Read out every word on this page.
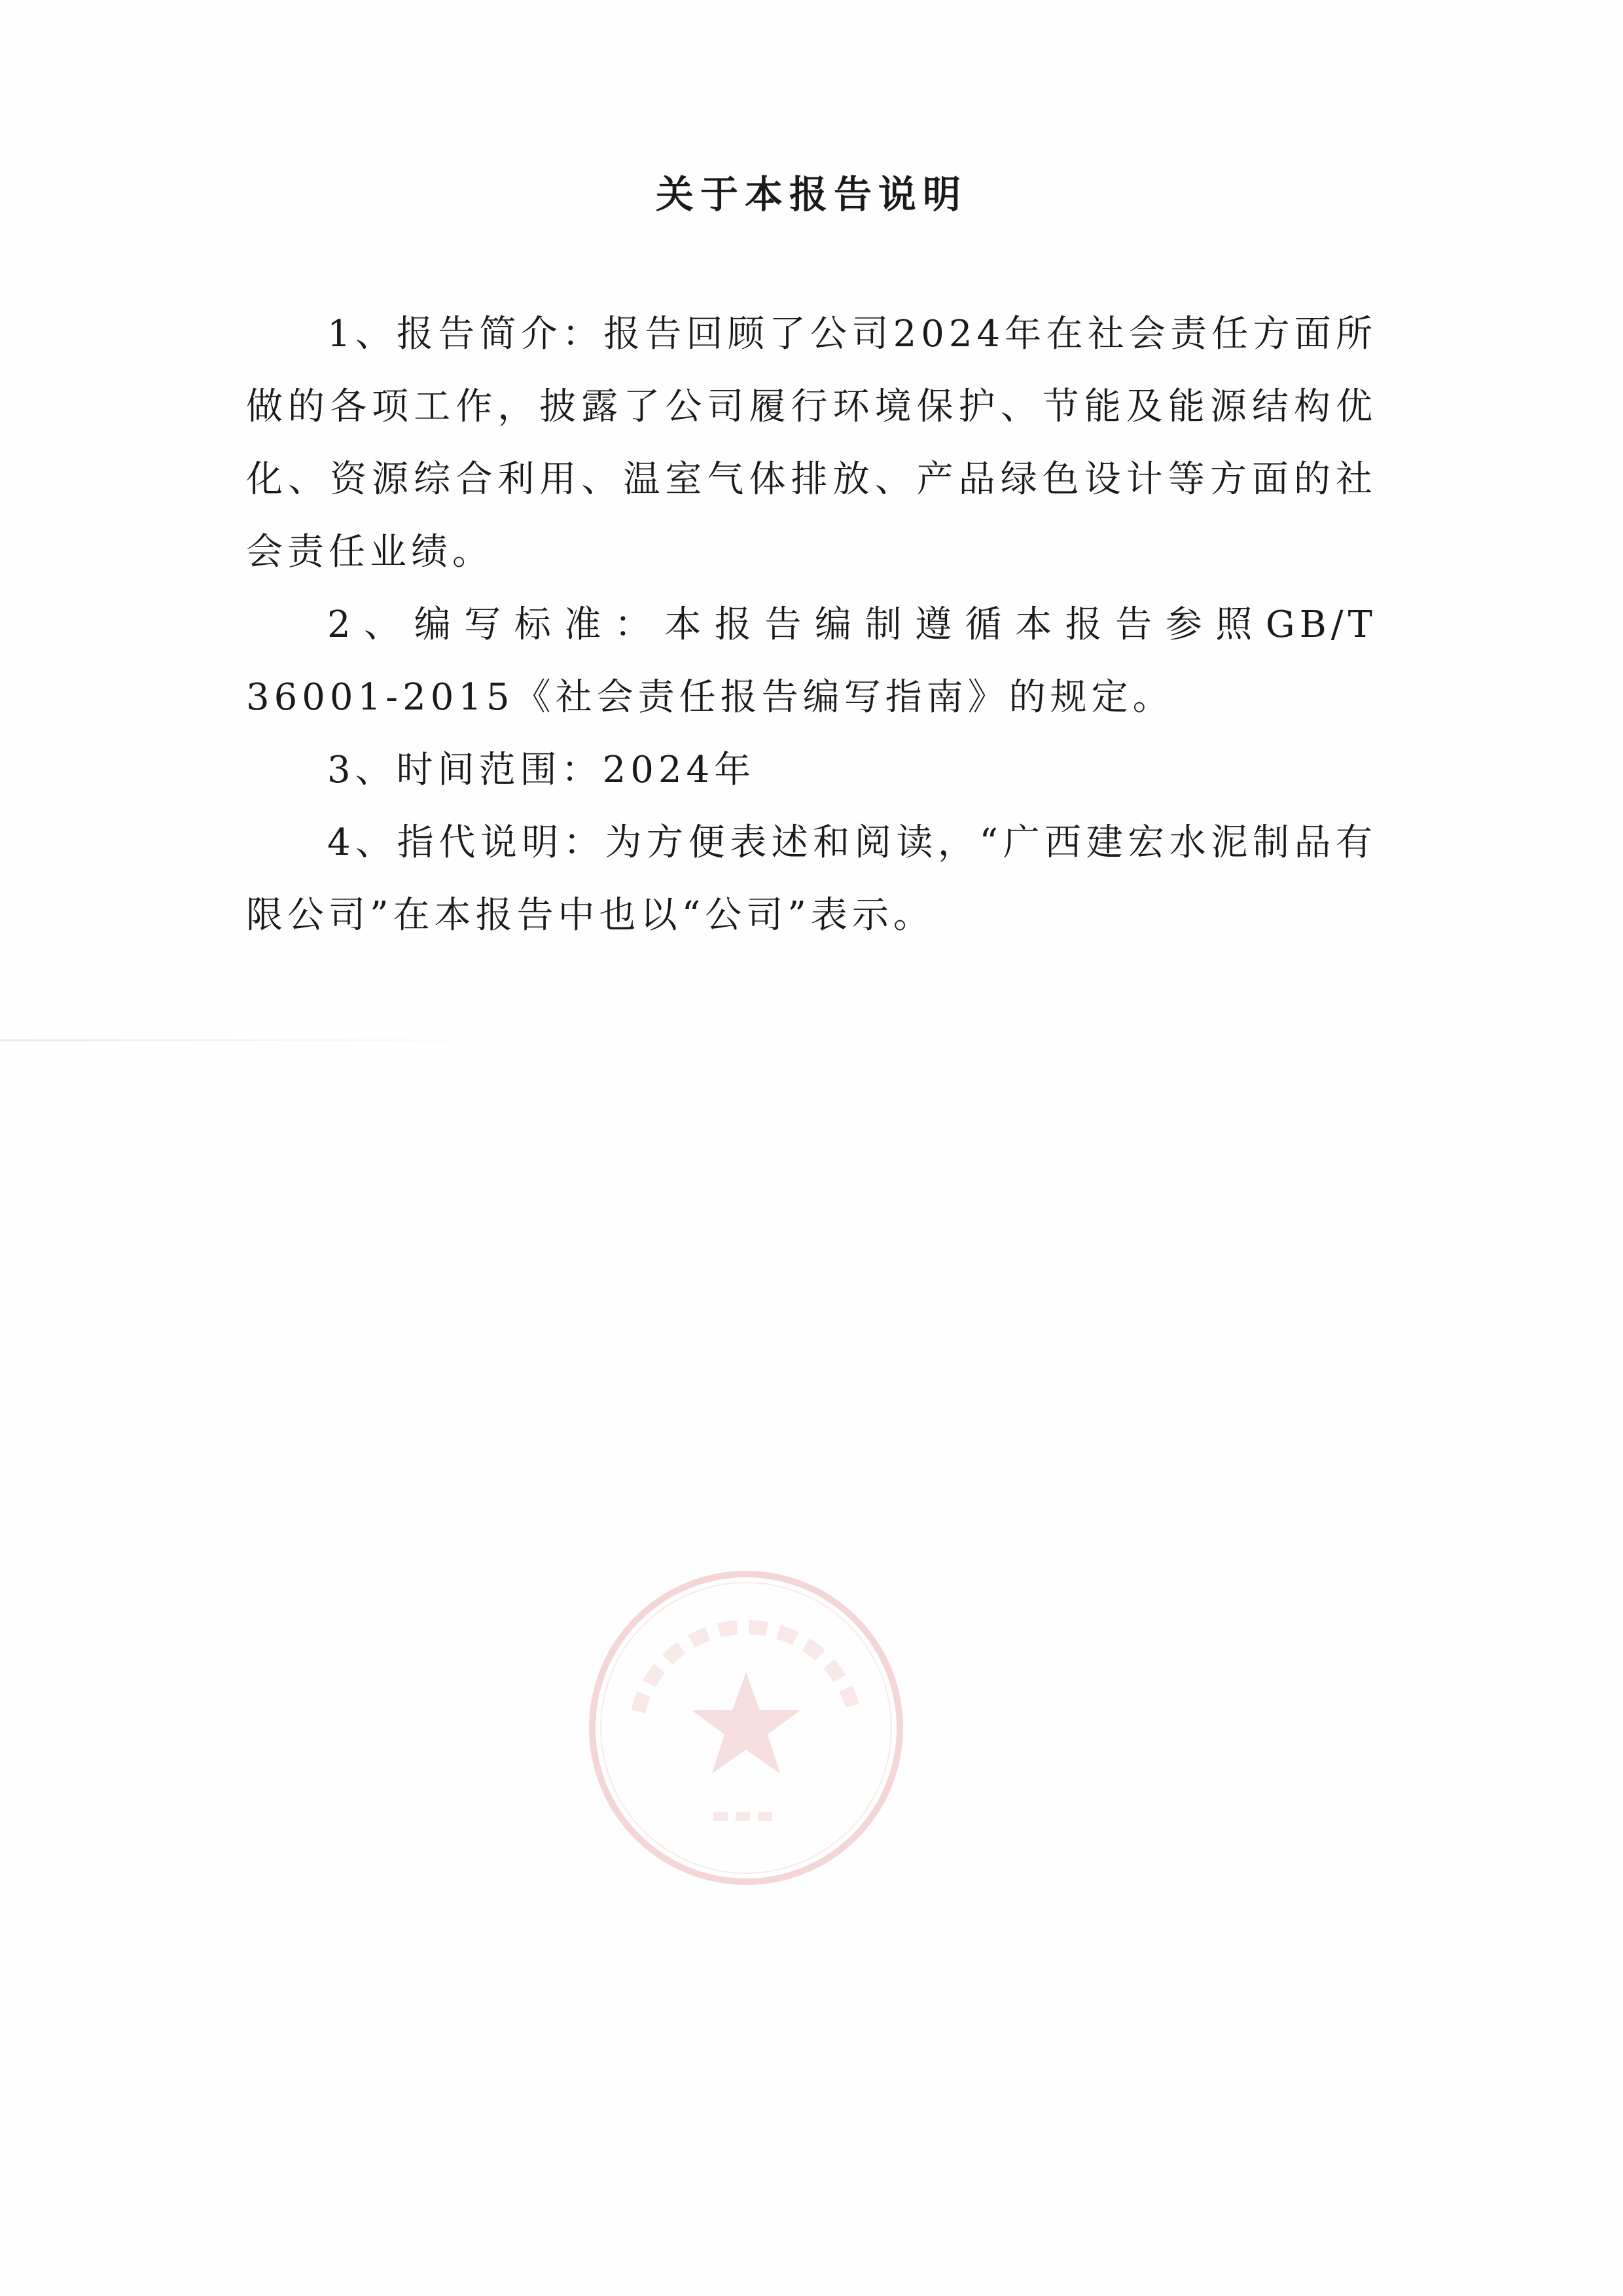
关于本报告说明

1、报告简介：报告回顾了公司2024年在社会责任方面所做的各项工作，披露了公司履行环境保护、节能及能源结构优化、资源综合利用、温室气体排放、产品绿色设计等方面的社会责任业绩。

2、编写标准：本报告编制遵循本报告参照GB/T 36001-2015《社会责任报告编写指南》的规定。

3、时间范围：2024年

4、指代说明：为方便表述和阅读，“广西建宏水泥制品有限公司”在本报告中也以“公司”表示。
